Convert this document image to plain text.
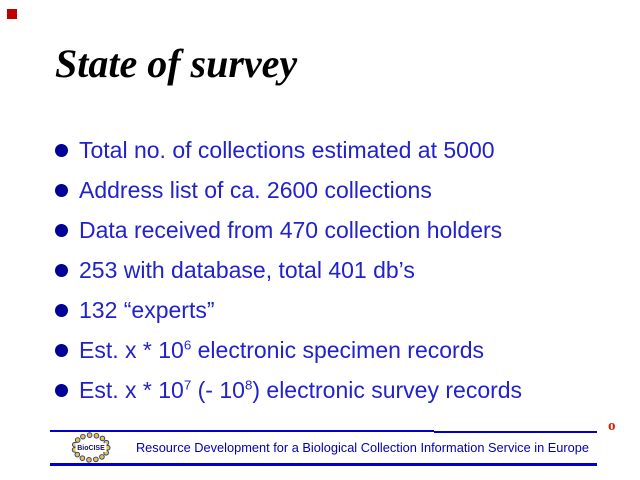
State of survey
Total no. of collections estimated at 5000
Address list of ca. 2600 collections
Data received from 470 collection holders
253 with database, total 401 db’s
132 “experts”
Est. x * $10^6$ electronic specimen records
Est. x * $10^7$ (- $10^8$) electronic survey records
BioCISE	Resource Development for a Biological Collection Information Service in Europe
o
